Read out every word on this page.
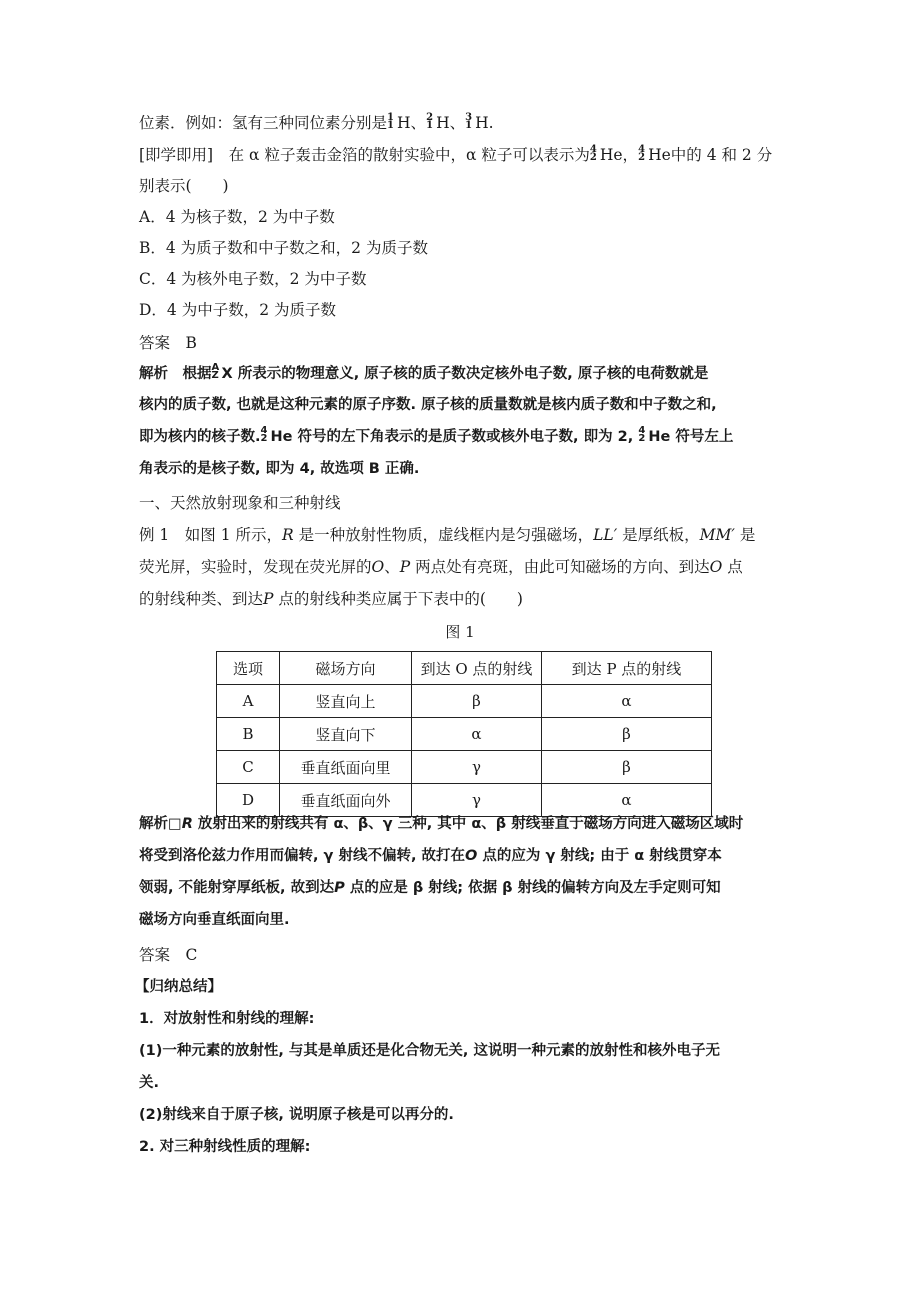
位素．例如：氢有三种同位素分别是 1
1 H、 2
1 H、 3
1 H.
[即学即用]　 在 α 粒子轰击金箔的散射实验中，α 粒子可以表示为 4
2 He， 4
2 He中的 4 和 2 分
别表示(　　)
A．4 为核子数，2 为中子数
B．4 为质子数和中子数之和，2 为质子数
C．4 为核外电子数，2 为中子数
D．4 为中子数，2 为质子数
答案　B
解析　根据 A
Z X 所表示的物理意义, 原子核的质子数决定核外电子数, 原子核的电荷数就是
核内的质子数, 也就是这种元素的原子序数. 原子核的质量数就是核内质子数和中子数之和,
即为核内的核子数. 4
2 He 符号的左下角表示的是质子数或核外电子数, 即为 2, 4
2 He 符号左上
角表示的是核子数, 即为 4, 故选项 B 正确.
一、天然放射现象和三种射线
例 1　如图 1 所示，R 是一种放射性物质，虚线框内是匀强磁场，LL′ 是厚纸板，MM′ 是
荧光屏，实验时，发现在荧光屏的O、P 两点处有亮斑，由此可知磁场的方向、到达O 点
的射线种类、到达P 点的射线种类应属于下表中的(　　)
图 1
选项	磁场方向	到达 O 点的射线	到达 P 点的射线
A	竖直向上	β	α
B	竖直向下	α	β
C	垂直纸面向里	γ	β
D	垂直纸面向外	γ	α
解析□R 放射出来的射线共有 α、β、γ 三种, 其中 α、β 射线垂直于磁场方向进入磁场区域时
将受到洛伦兹力作用而偏转, γ 射线不偏转, 故打在O 点的应为 γ 射线; 由于 α 射线贯穿本
领弱, 不能射穿厚纸板, 故到达P 点的应是 β 射线; 依据 β 射线的偏转方向及左手定则可知
磁场方向垂直纸面向里.
答案　C
【归纳总结】
1．对放射性和射线的理解:
(1)一种元素的放射性, 与其是单质还是化合物无关, 这说明一种元素的放射性和核外电子无
关.
(2)射线来自于原子核, 说明原子核是可以再分的.
2. 对三种射线性质的理解:
